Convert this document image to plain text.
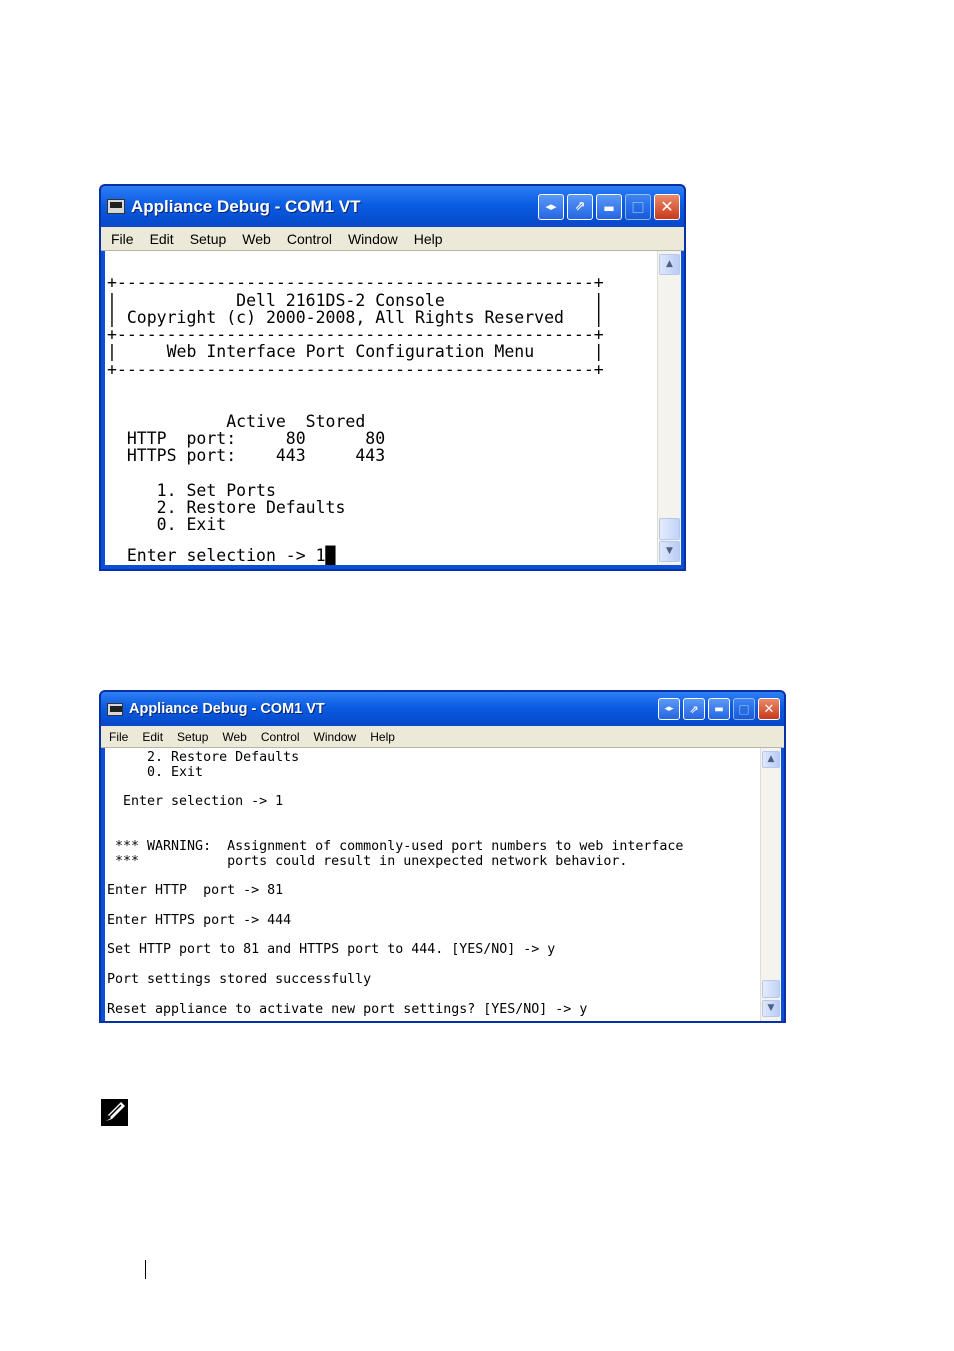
Appliance Debug - COM1 VT	◂▸	⇗	▬	□ ✕
File Edit Setup Web Control Window Help

+------------------------------------------------+
|            Dell 2161DS-2 Console               |
| Copyright (c) 2000-2008, All Rights Reserved   |
+------------------------------------------------+
|     Web Interface Port Configuration Menu      |
+------------------------------------------------+

Active  Stored
HTTP  port:     80      80
HTTPS port:    443     443

1. Set Ports
2. Restore Defaults
0. Exit

Enter selection -> 1█
▲
▼
Appliance Debug - COM1 VT	◂▸	⇗	▬	□	✕
File Edit Setup Web Control Window Help
2. Restore Defaults
0. Exit

Enter selection -> 1

*** WARNING:  Assignment of commonly-used port numbers to web interface
***           ports could result in unexpected network behavior.

Enter HTTP  port -> 81

Enter HTTPS port -> 444

Set HTTP port to 81 and HTTPS port to 444. [YES/NO] -> y

Port settings stored successfully

Reset appliance to activate new port settings? [YES/NO] -> y
▲
▼
